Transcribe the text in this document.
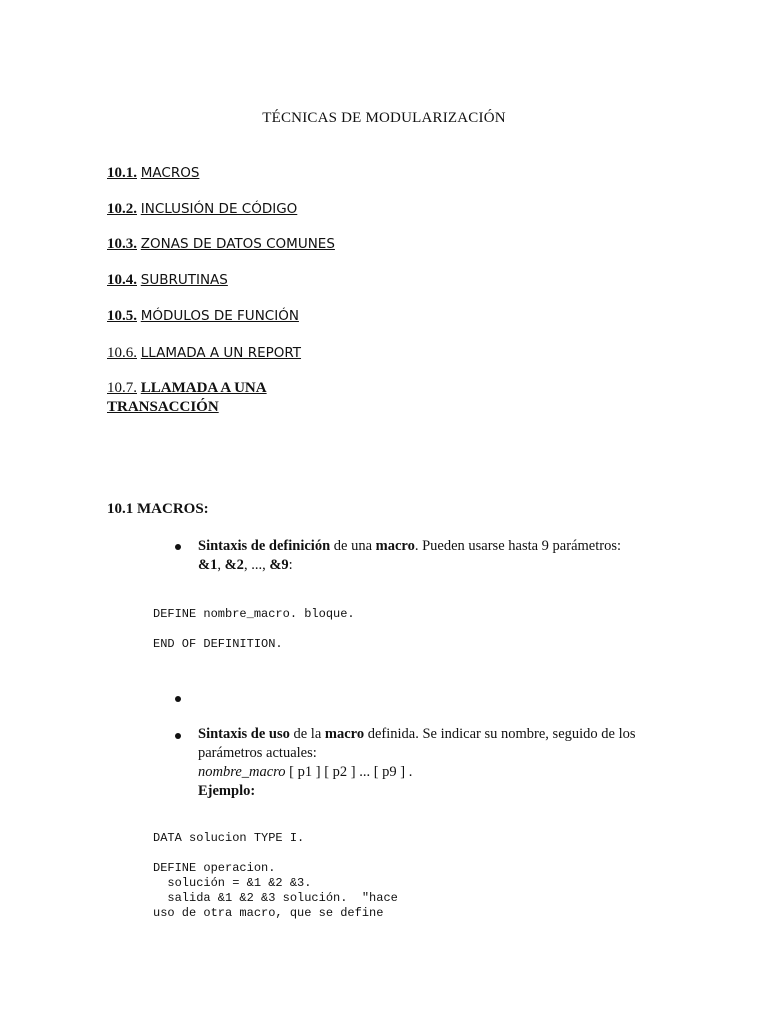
TÉCNICAS DE MODULARIZACIÓN
10.1. MACROS
10.2. INCLUSIÓN DE CÓDIGO
10.3. ZONAS DE DATOS COMUNES
10.4. SUBRUTINAS
10.5. MÓDULOS DE FUNCIÓN
10.6. LLAMADA A UN REPORT
10.7. LLAMADA A UNA
TRANSACCIÓN
10.1 MACROS:
Sintaxis de definición de una macro. Pueden usarse hasta 9 parámetros:
&1, &2, ..., &9:
DEFINE nombre_macro. bloque.
END OF DEFINITION.
Sintaxis de uso de la macro definida. Se indicar su nombre, seguido de los
parámetros actuales:
nombre_macro [ p1 ] [ p2 ] ... [ p9 ] .
Ejemplo:
DATA solucion TYPE I.
DEFINE operacion.
solución = &1 &2 &3.
salida &1 &2 &3 solución.  "hace
uso de otra macro, que se define
